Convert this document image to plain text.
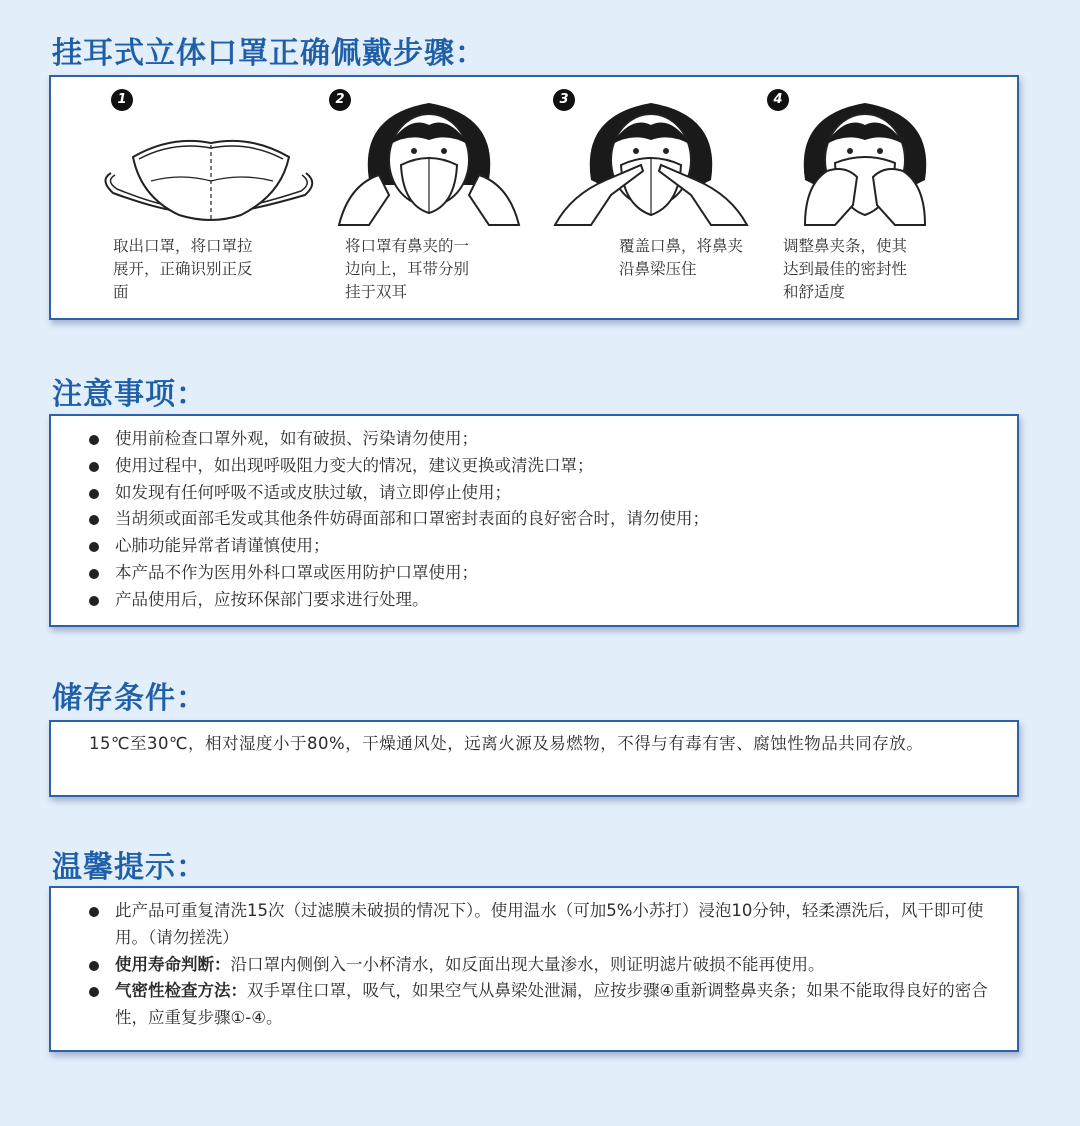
挂耳式立体口罩正确佩戴步骤：
1
取出口罩，将口罩拉展开，正确识别正反面
2
将口罩有鼻夹的一边向上，耳带分别挂于双耳
3
覆盖口鼻，将鼻夹沿鼻梁压住
4
调整鼻夹条，使其达到最佳的密封性和舒适度
注意事项：
使用前检查口罩外观，如有破损、污染请勿使用；
使用过程中，如出现呼吸阻力变大的情况，建议更换或清洗口罩；
如发现有任何呼吸不适或皮肤过敏，请立即停止使用；
当胡须或面部毛发或其他条件妨碍面部和口罩密封表面的良好密合时，请勿使用；
心肺功能异常者请谨慎使用；
本产品不作为医用外科口罩或医用防护口罩使用；
产品使用后，应按环保部门要求进行处理。
储存条件：
15℃至30℃，相对湿度小于80%，干燥通风处，远离火源及易燃物，不得与有毒有害、腐蚀性物品共同存放。
温馨提示：
此产品可重复清洗15次（过滤膜未破损的情况下）。使用温水（可加5%小苏打）浸泡10分钟，轻柔漂洗后，风干即可使用。（请勿搓洗）
使用寿命判断：沿口罩内侧倒入一小杯清水，如反面出现大量渗水，则证明滤片破损不能再使用。
气密性检查方法：双手罩住口罩，吸气，如果空气从鼻梁处泄漏，应按步骤④重新调整鼻夹条；如果不能取得良好的密合性，应重复步骤①-④。
